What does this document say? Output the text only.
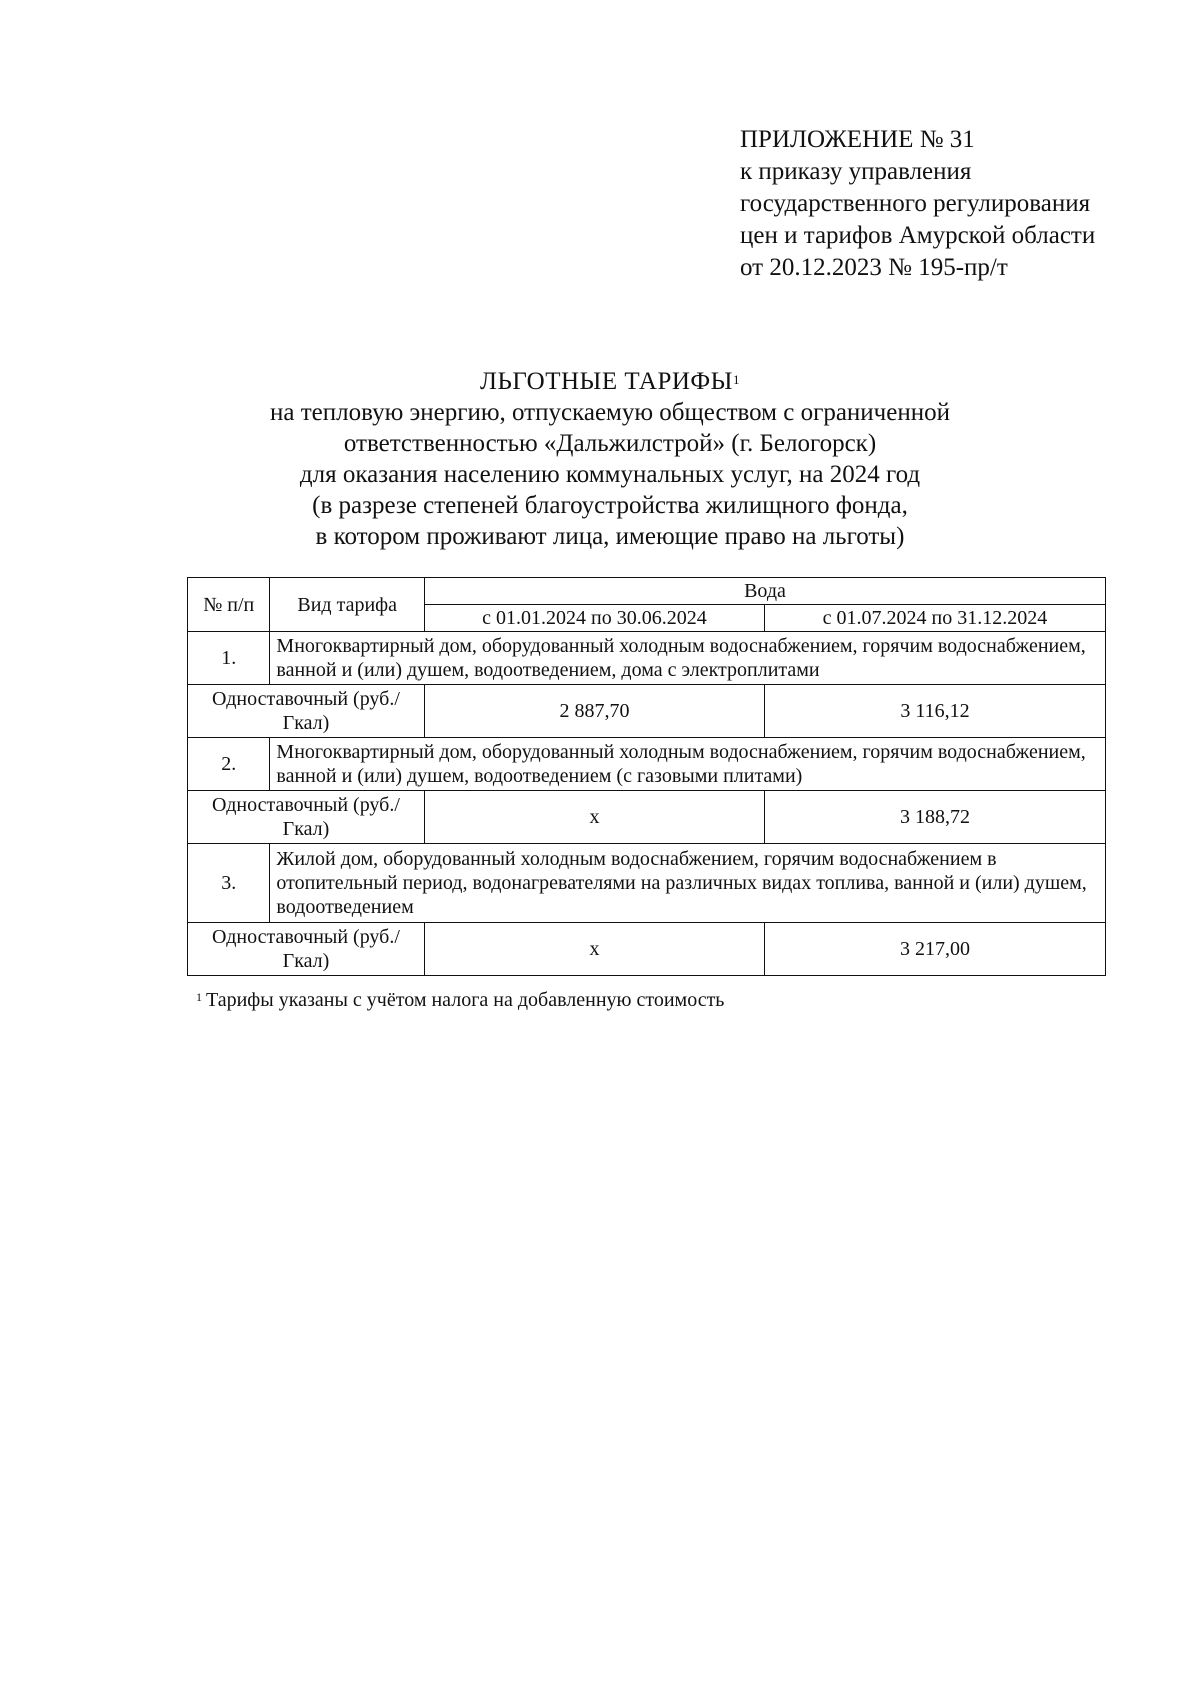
ПРИЛОЖЕНИЕ № 31
к приказу управления
государственного регулирования
цен и тарифов Амурской области
от 20.12.2023 № 195-пр/т
ЛЬГОТНЫЕ ТАРИФЫ$^1$
на тепловую энергию, отпускаемую обществом с ограниченной
ответственностью «Дальжилстрой» (г. Белогорск)
для оказания населению коммунальных услуг, на 2024 год
(в разрезе степеней благоустройства жилищного фонда,
в котором проживают лица, имеющие право на льготы)
№ п/п	Вид тарифа	Вода	
		с 01.01.2024 по 30.06.2024	с 01.07.2024 по 31.12.2024
1.	Многоквартирный дом, оборудованный холодным водоснабжением, горячим водоснабжением, ванной и (или) душем, водоотведением, дома с электроплитами		
Одноставочный (руб./Гкал)		2 887,70	3 116,12
2.	Многоквартирный дом, оборудованный холодным водоснабжением, горячим водоснабжением, ванной и (или) душем, водоотведением (с газовыми плитами)		
Одноставочный (руб./Гкал)		х	3 188,72
3.	Жилой дом, оборудованный холодным водоснабжением, горячим водоснабжением в отопительный период, водонагревателями на различных видах топлива, ванной и (или) душем, водоотведением		
Одноставочный (руб./Гкал)		х	3 217,00
$^1$ Тарифы указаны с учётом налога на добавленную стоимость
